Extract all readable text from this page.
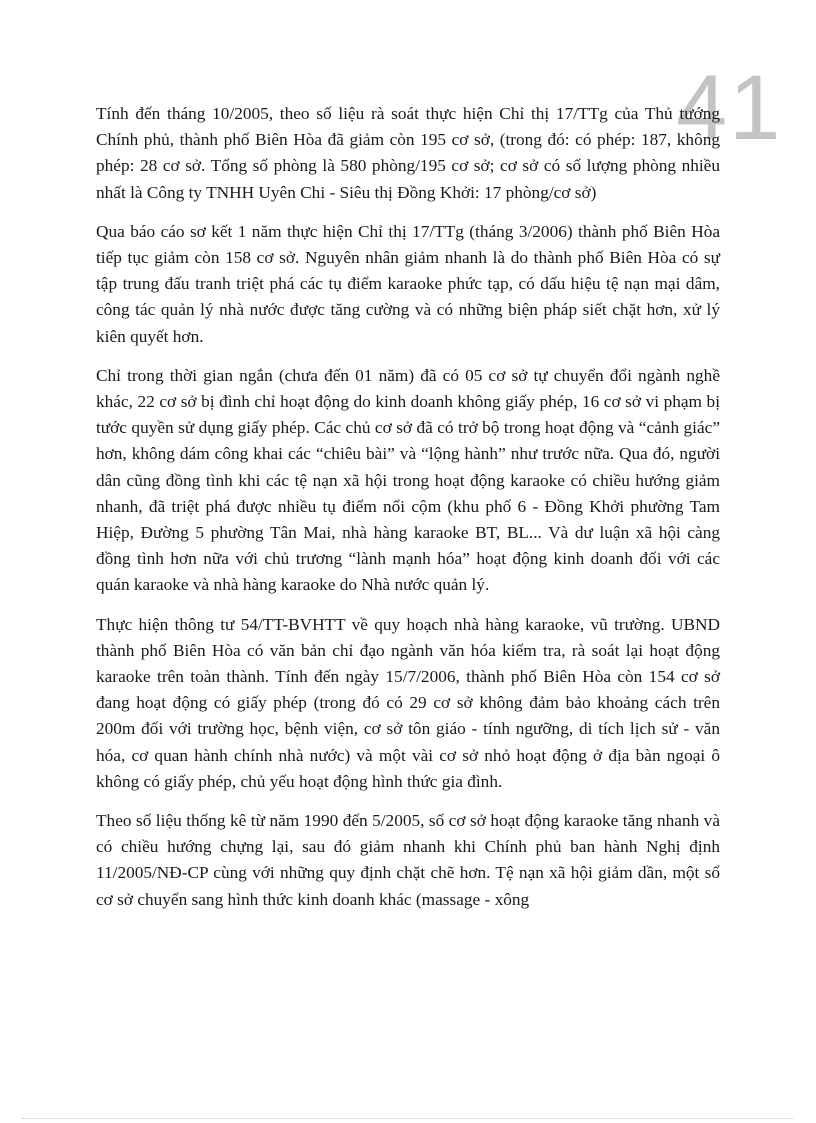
41

Tính đến tháng 10/2005, theo số liệu rà soát thực hiện Chỉ thị 17/TTg của Thủ tướng Chính phủ, thành phố Biên Hòa đã giảm còn 195 cơ sở, (trong đó: có phép: 187, không phép: 28 cơ sở. Tổng số phòng là 580 phòng/195 cơ sở; cơ sở có số lượng phòng nhiều nhất là Công ty TNHH Uyên Chi - Siêu thị Đồng Khởi: 17 phòng/cơ sở)

Qua báo cáo sơ kết 1 năm thực hiện Chỉ thị 17/TTg (tháng 3/2006) thành phố Biên Hòa tiếp tục giảm còn 158 cơ sở. Nguyên nhân giảm nhanh là do thành phố Biên Hòa có sự tập trung đấu tranh triệt phá các tụ điểm karaoke phức tạp, có dấu hiệu tệ nạn mại dâm, công tác quản lý nhà nước được tăng cường và có những biện pháp siết chặt hơn, xử lý kiên quyết hơn.

Chỉ trong thời gian ngắn (chưa đến 01 năm) đã có 05 cơ sở tự chuyển đổi ngành nghề khác, 22 cơ sở bị đình chỉ hoạt động do kinh doanh không giấy phép, 16 cơ sở vi phạm bị tước quyền sử dụng giấy phép. Các chủ cơ sở đã có trở bộ trong hoạt động và “cảnh giác” hơn, không dám công khai các “chiêu bài” và “lộng hành” như trước nữa. Qua đó, người dân cũng đồng tình khi các tệ nạn xã hội trong hoạt động karaoke có chiều hướng giảm nhanh, đã triệt phá được nhiều tụ điểm nổi cộm (khu phố 6 - Đồng Khởi phường Tam Hiệp, Đường 5 phường Tân Mai, nhà hàng karaoke BT, BL... Và dư luận xã hội càng đồng tình hơn nữa với chủ trương “lành mạnh hóa” hoạt động kinh doanh đối với các quán karaoke và nhà hàng karaoke do Nhà nước quản lý.

Thực hiện thông tư 54/TT-BVHTT về quy hoạch nhà hàng karaoke, vũ trường. UBND thành phố Biên Hòa có văn bản chỉ đạo ngành văn hóa kiểm tra, rà soát lại hoạt động karaoke trên toàn thành. Tính đến ngày 15/7/2006, thành phố Biên Hòa còn 154 cơ sở đang hoạt động có giấy phép (trong đó có 29 cơ sở không đảm bảo khoảng cách trên 200m đối với trường học, bệnh viện, cơ sở tôn giáo - tính ngưỡng, di tích lịch sử - văn hóa, cơ quan hành chính nhà nước) và một vài cơ sở nhỏ hoạt động ở địa bàn ngoại ô không có giấy phép, chủ yếu hoạt động hình thức gia đình.

Theo số liệu thống kê từ năm 1990 đến 5/2005, số cơ sở hoạt động karaoke tăng nhanh và có chiều hướng chựng lại, sau đó giảm nhanh khi Chính phủ ban hành Nghị định 11/2005/NĐ-CP cùng với những quy định chặt chẽ hơn. Tệ nạn xã hội giảm dần, một số cơ sở chuyển sang hình thức kinh doanh khác (massage - xông
